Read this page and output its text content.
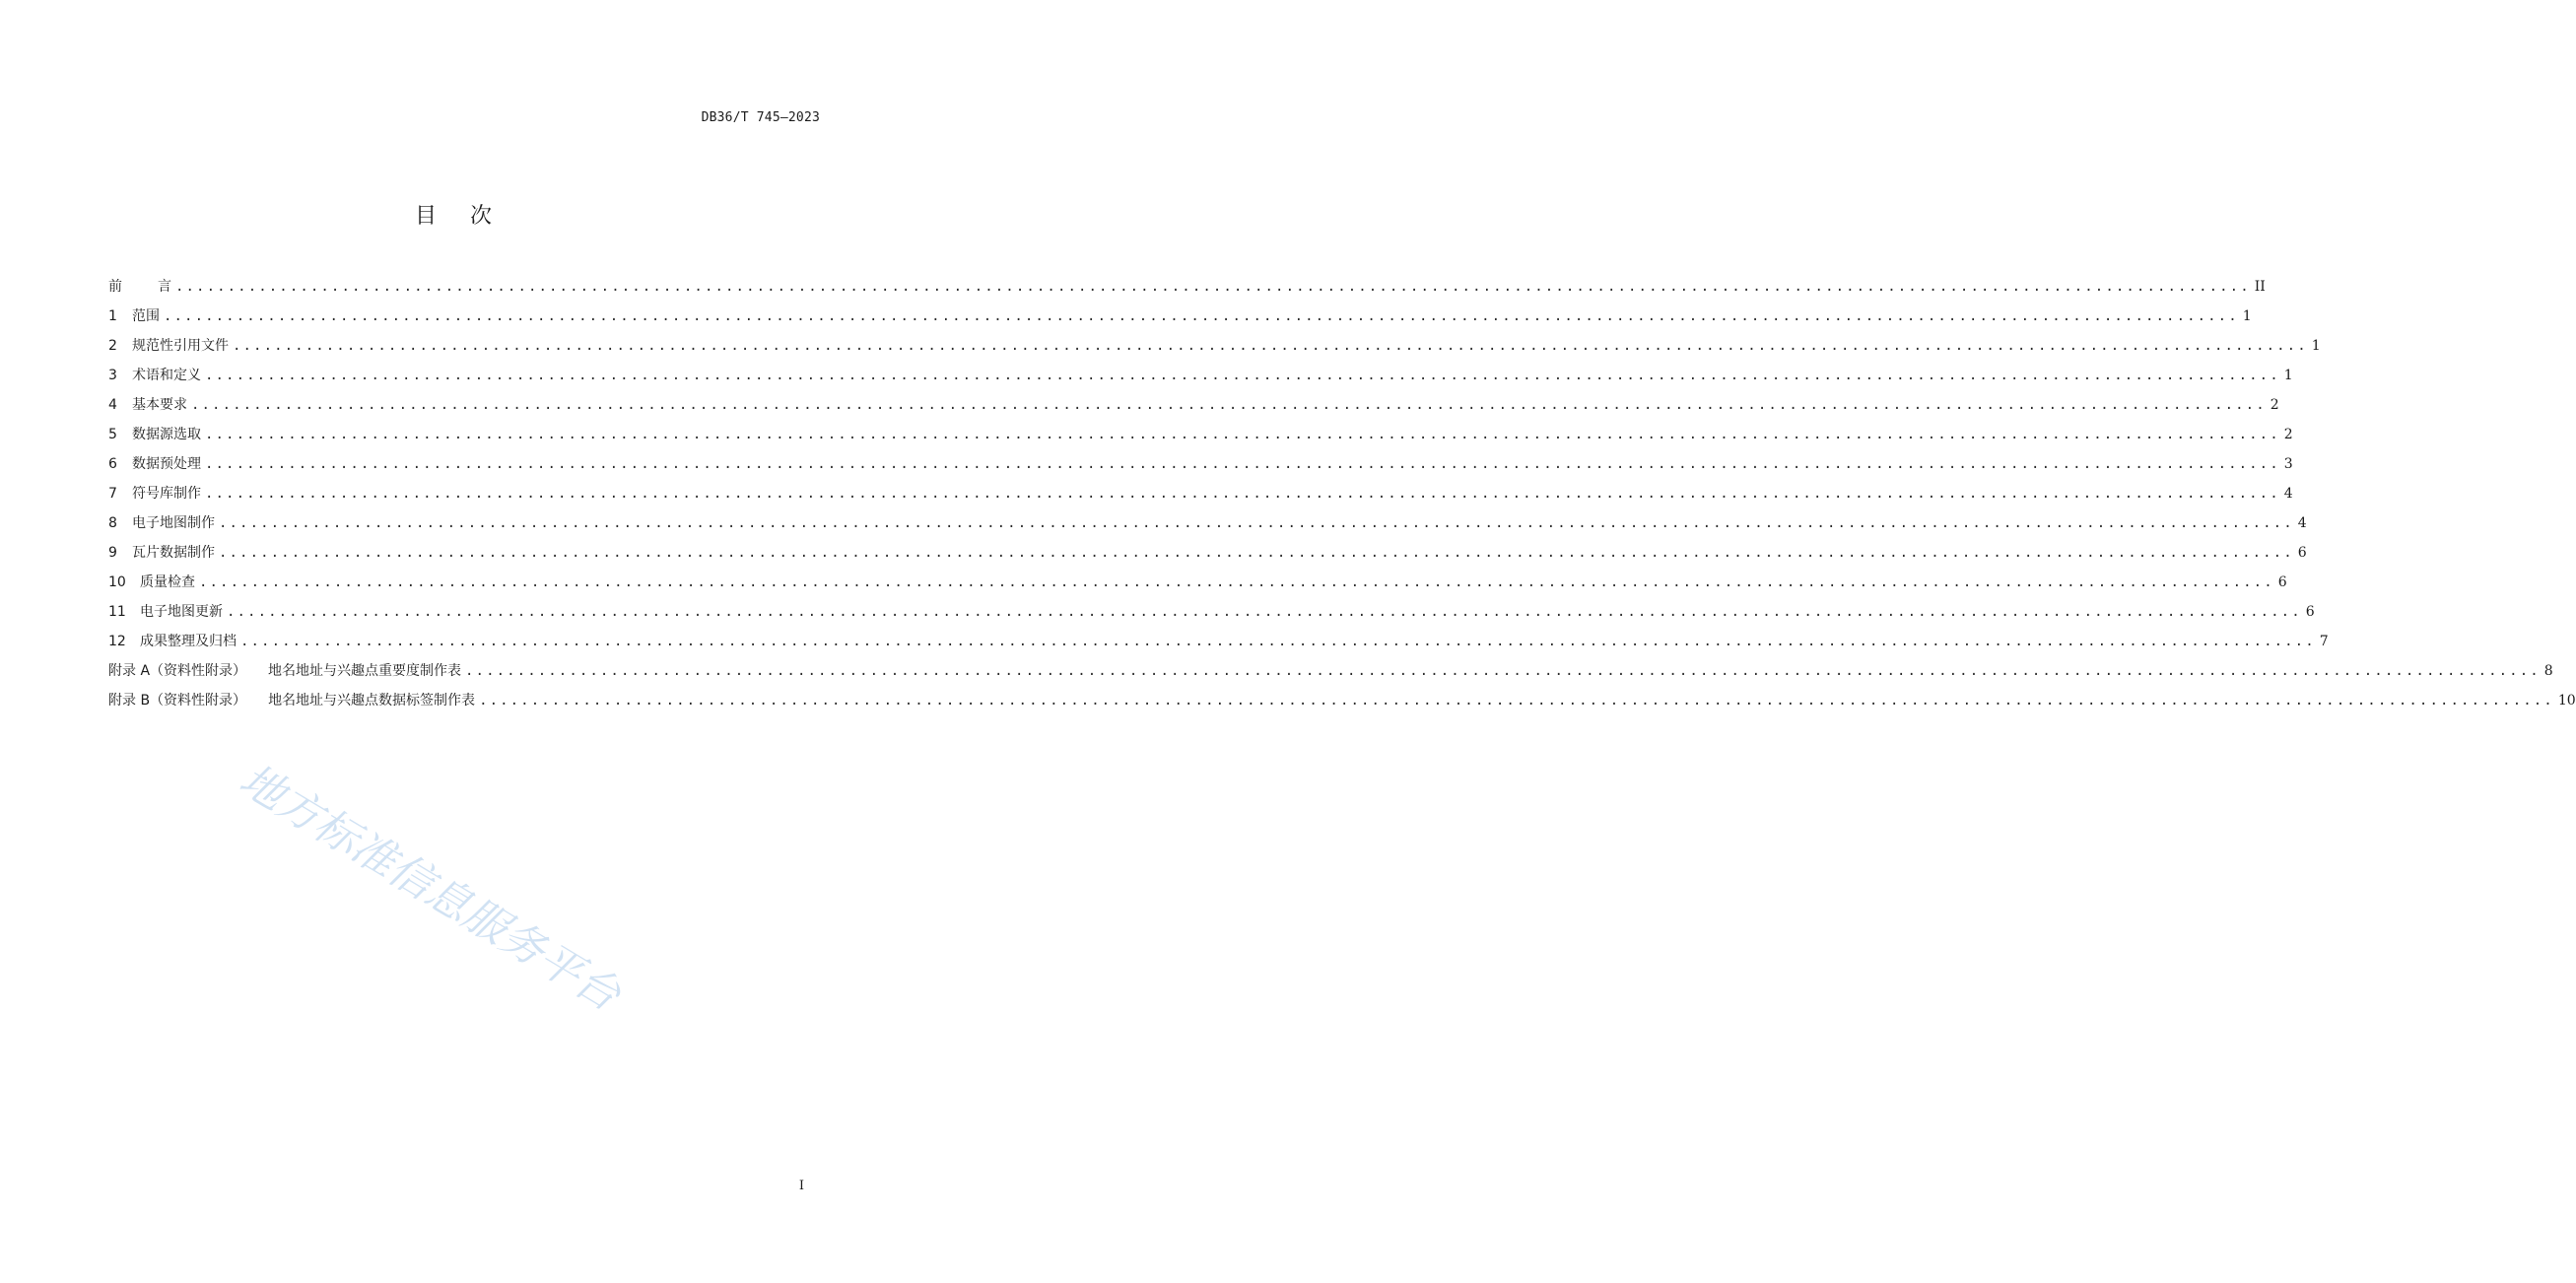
DB36/T 745—2023
目次
前言 ........................................................................................................................................................................................................ II
1	范围 ........................................................................................................................................................................................................ 1
2	规范性引用文件 ........................................................................................................................................................................................................ 1
3	术语和定义 ........................................................................................................................................................................................................ 1
4	基本要求 ........................................................................................................................................................................................................ 2
5	数据源选取 ........................................................................................................................................................................................................ 2
6	数据预处理 ........................................................................................................................................................................................................ 3
7	符号库制作 ........................................................................................................................................................................................................ 4
8	电子地图制作 ........................................................................................................................................................................................................ 4
9	瓦片数据制作 ........................................................................................................................................................................................................ 6
10	质量检查 ........................................................................................................................................................................................................ 6
11	电子地图更新 ........................................................................................................................................................................................................ 6
12	成果整理及归档 ........................................................................................................................................................................................................ 7
附录 A（资料性附录） 地名地址与兴趣点重要度制作表 ........................................................................................................................................................................................................ 8
附录 B（资料性附录） 地名地址与兴趣点数据标签制作表 ........................................................................................................................................................................................................ 10
地方标准信息服务平台
I
